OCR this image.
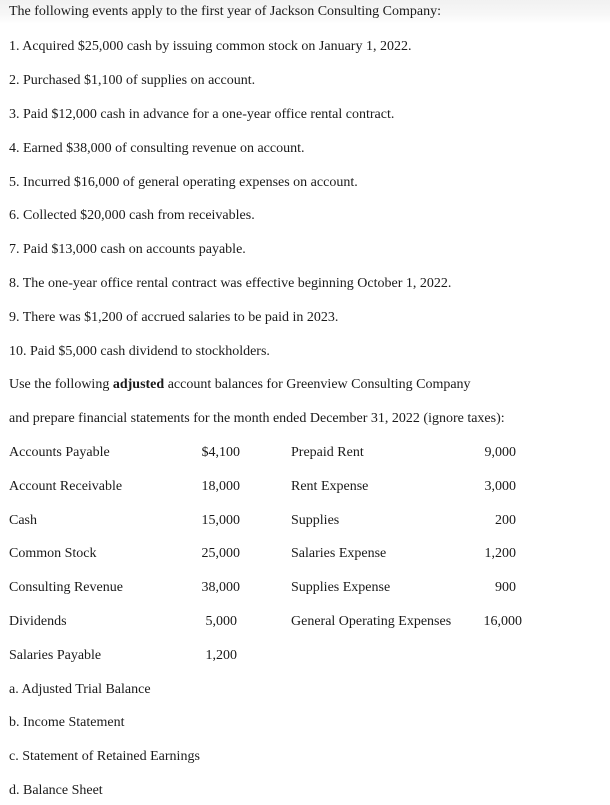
The following events apply to the first year of Jackson Consulting Company:
1. Acquired $25,000 cash by issuing common stock on January 1, 2022.
2. Purchased $1,100 of supplies on account.
3. Paid $12,000 cash in advance for a one-year office rental contract.
4. Earned $38,000 of consulting revenue on account.
5. Incurred $16,000 of general operating expenses on account.
6. Collected $20,000 cash from receivables.
7. Paid $13,000 cash on accounts payable.
8. The one-year office rental contract was effective beginning October 1, 2022.
9. There was $1,200 of accrued salaries to be paid in 2023.
10. Paid $5,000 cash dividend to stockholders.
Use the following adjusted account balances for Greenview Consulting Company
and prepare financial statements for the month ended December 31, 2022 (ignore taxes):
Accounts Payable	$4,100
Account Receivable	18,000
Cash	15,000
Common Stock	25,000
Consulting Revenue	38,000
Dividends	5,000
Salaries Payable	1,200
Prepaid Rent	9,000
Rent Expense	3,000
Supplies	200
Salaries Expense	1,200
Supplies Expense	900
General Operating Expenses	16,000
a. Adjusted Trial Balance
b. Income Statement
c. Statement of Retained Earnings
d. Balance Sheet
